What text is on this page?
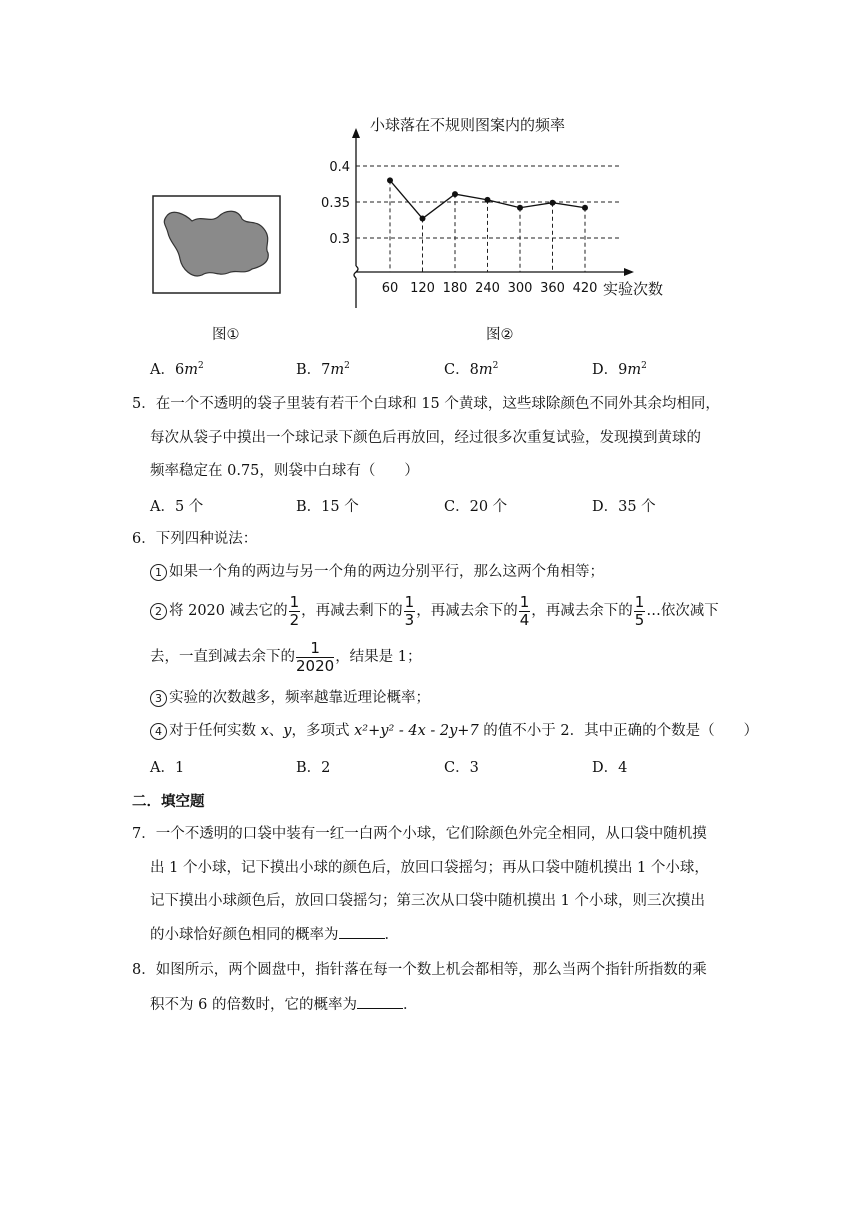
图①
小球落在不规则图案内的频率
0.4
0.35
0.3
60 120 180 240 300 360 420 实验次数
图②
A．$6m^2$	B．$7m^2$	C．$8m^2$	D．$9m^2$
5．在一个不透明的袋子里装有若干个白球和 15 个黄球，这些球除颜色不同外其余均相同，
每次从袋子中摸出一个球记录下颜色后再放回，经过很多次重复试验，发现摸到黄球的
频率稳定在 0.75，则袋中白球有（　　）
A．5 个	B．15 个	C．20 个	D．35 个
6．下列四种说法：
1 如果一个角的两边与另一个角的两边分别平行，那么这两个角相等；
2 将 2020 减去它的 $\frac{1}{2}$ ，再减去剩下的 $\frac{1}{3}$ ，再减去余下的 $\frac{1}{4}$ ，再减去余下的 $\frac{1}{5}$ …依次减下
去，一直到减去余下的 $\frac{1}{2020}$ ，结果是 1；
3 实验的次数越多，频率越靠近理论概率；
4 对于任何实数 x、y，多项式 x²+y² - 4x - 2y+7 的值不小于 2．其中正确的个数是（　　）
A．1	B．2	C．3	D．4
二．填空题
7．一个不透明的口袋中装有一红一白两个小球，它们除颜色外完全相同，从口袋中随机摸
出 1 个小球，记下摸出小球的颜色后，放回口袋摇匀；再从口袋中随机摸出 1 个小球，
记下摸出小球颜色后，放回口袋摇匀；第三次从口袋中随机摸出 1 个小球，则三次摸出
的小球恰好颜色相同的概率为	．
8．如图所示，两个圆盘中，指针落在每一个数上机会都相等，那么当两个指针所指数的乘
积不为 6 的倍数时，它的概率为	．
